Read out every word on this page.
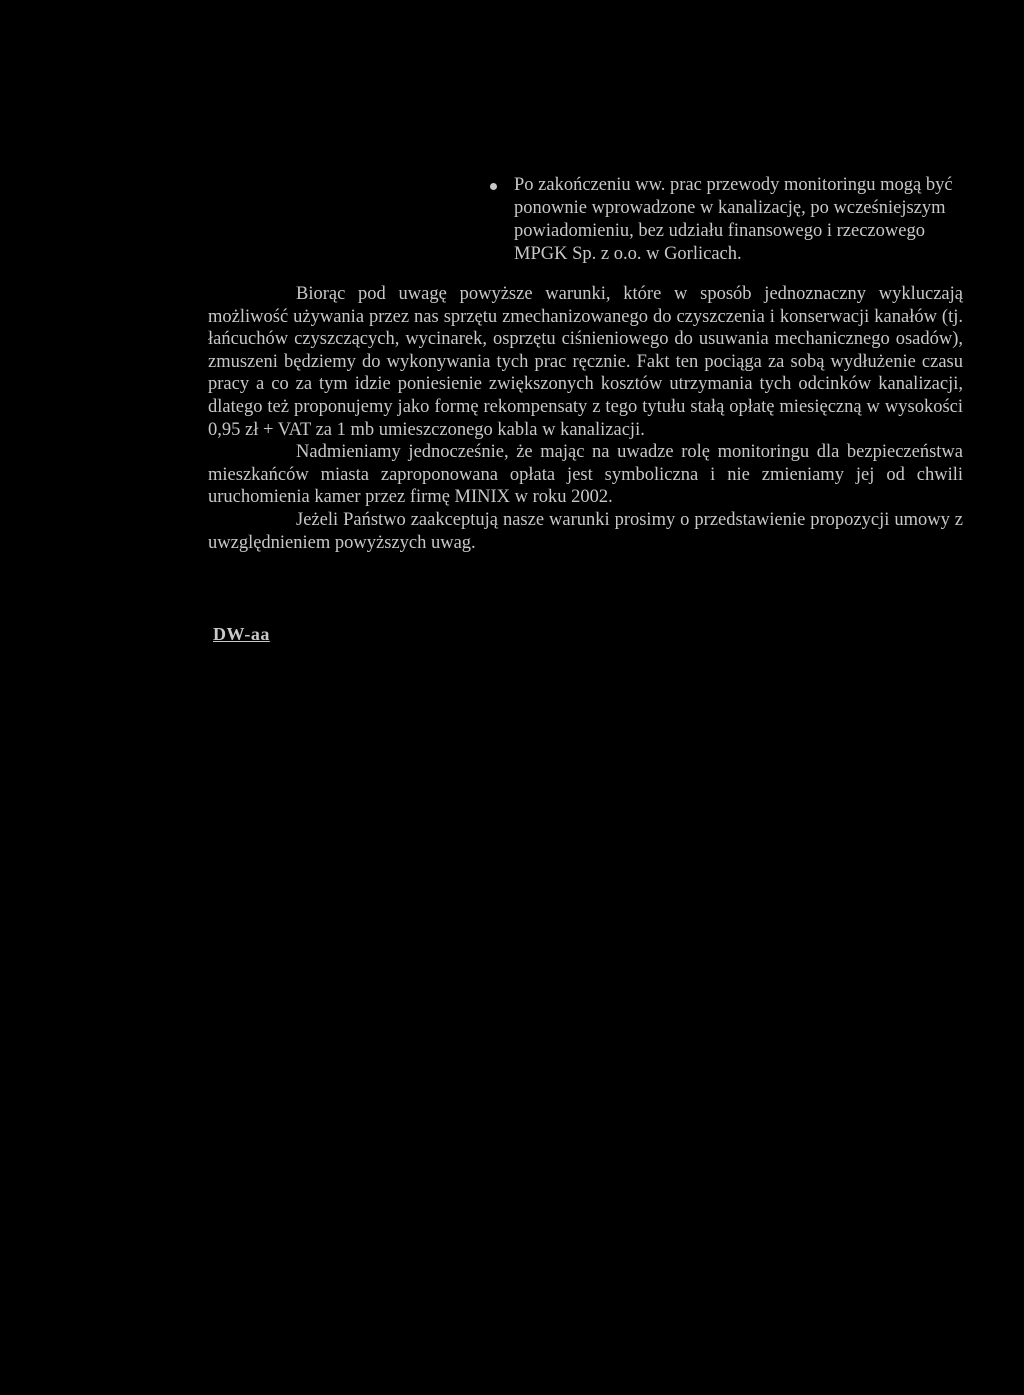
Po zakończeniu ww. prac przewody monitoringu mogą być ponownie wprowadzone w kanalizację, po wcześniejszym powiadomieniu, bez udziału finansowego i rzeczowego MPGK Sp. z o.o. w Gorlicach.

Biorąc pod uwagę powyższe warunki, które w sposób jednoznaczny wykluczają możliwość używania przez nas sprzętu zmechanizowanego do czyszczenia i konserwacji kanałów (tj. łańcuchów czyszczących, wycinarek, osprzętu ciśnieniowego do usuwania mechanicznego osadów), zmuszeni będziemy do wykonywania tych prac ręcznie. Fakt ten pociąga za sobą wydłużenie czasu pracy a co za tym idzie poniesienie zwiększonych kosztów utrzymania tych odcinków kanalizacji, dlatego też proponujemy jako formę rekompensaty z tego tytułu stałą opłatę miesięczną w wysokości 0,95 zł + VAT za 1 mb umieszczonego kabla w kanalizacji.

Nadmieniamy jednocześnie, że mając na uwadze rolę monitoringu dla bezpieczeństwa mieszkańców miasta zaproponowana opłata jest symboliczna i nie zmieniamy jej od chwili uruchomienia kamer przez firmę MINIX w roku 2002.

Jeżeli Państwo zaakceptują nasze warunki prosimy o przedstawienie propozycji umowy z uwzględnieniem powyższych uwag.

DW-aa
